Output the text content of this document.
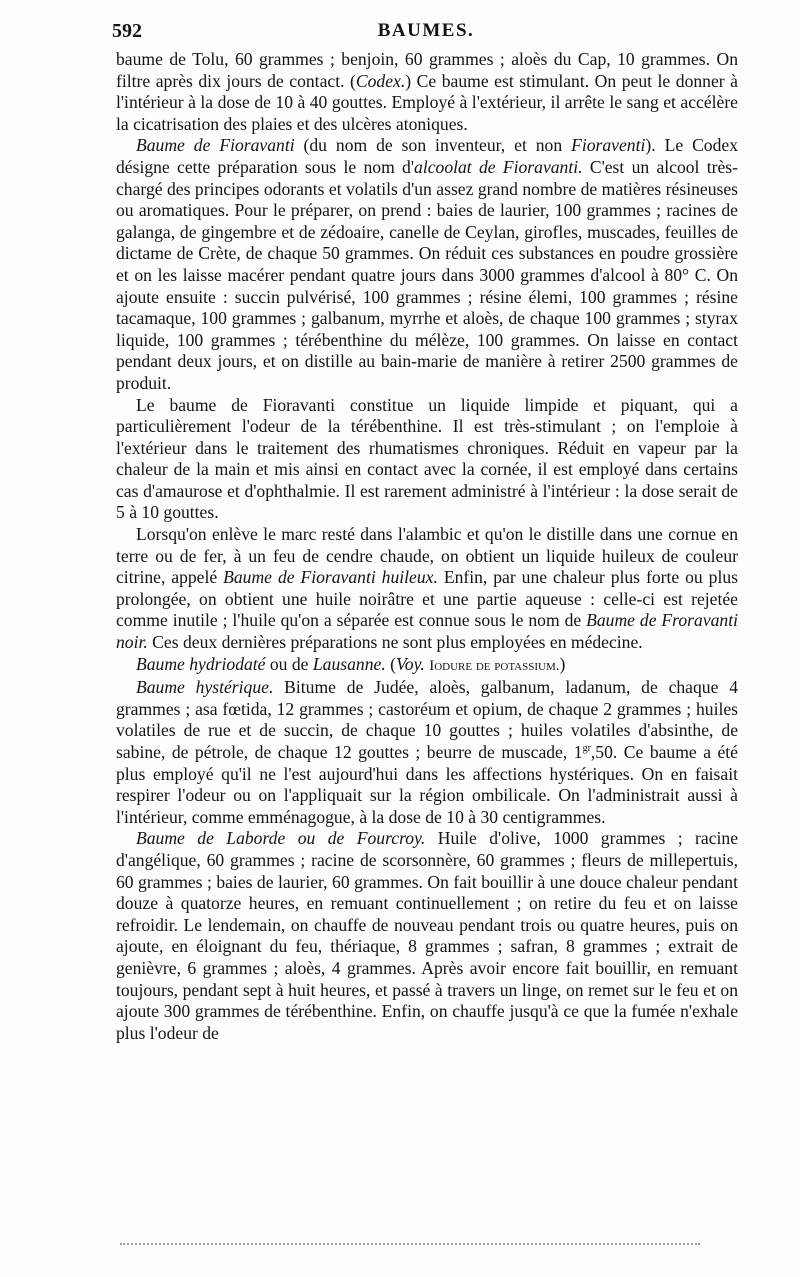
592	BAUMES.

baume de Tolu, 60 grammes ; benjoin, 60 grammes ; aloès du Cap, 10 grammes. On filtre après dix jours de contact. (Codex.) Ce baume est stimulant. On peut le donner à l'intérieur à la dose de 10 à 40 gouttes. Employé à l'extérieur, il arrête le sang et accélère la cicatrisation des plaies et des ulcères atoniques.

Baume de Fioravanti (du nom de son inventeur, et non Fioraventi). Le Codex désigne cette préparation sous le nom d'alcoolat de Fioravanti. C'est un alcool très-chargé des principes odorants et volatils d'un assez grand nombre de matières résineuses ou aromatiques. Pour le préparer, on prend : baies de laurier, 100 grammes ; racines de galanga, de gingembre et de zédoaire, canelle de Ceylan, girofles, muscades, feuilles de dictame de Crète, de chaque 50 grammes. On réduit ces substances en poudre grossière et on les laisse macérer pendant quatre jours dans 3000 grammes d'alcool à 80° C. On ajoute ensuite : succin pulvérisé, 100 grammes ; résine élemi, 100 grammes ; résine tacamaque, 100 grammes ; galbanum, myrrhe et aloès, de chaque 100 grammes ; styrax liquide, 100 grammes ; térébenthine du mélèze, 100 grammes. On laisse en contact pendant deux jours, et on distille au bain-marie de manière à retirer 2500 grammes de produit.

Le baume de Fioravanti constitue un liquide limpide et piquant, qui a particulièrement l'odeur de la térébenthine. Il est très-stimulant ; on l'emploie à l'extérieur dans le traitement des rhumatismes chroniques. Réduit en vapeur par la chaleur de la main et mis ainsi en contact avec la cornée, il est employé dans certains cas d'amaurose et d'ophthalmie. Il est rarement administré à l'intérieur : la dose serait de 5 à 10 gouttes.

Lorsqu'on enlève le marc resté dans l'alambic et qu'on le distille dans une cornue en terre ou de fer, à un feu de cendre chaude, on obtient un liquide huileux de couleur citrine, appelé Baume de Fioravanti huileux. Enfin, par une chaleur plus forte ou plus prolongée, on obtient une huile noirâtre et une partie aqueuse : celle-ci est rejetée comme inutile ; l'huile qu'on a séparée est connue sous le nom de Baume de Froravanti noir. Ces deux dernières préparations ne sont plus employées en médecine.

Baume hydriodaté ou de Lausanne. (Voy. Iodure de potassium.)

Baume hystérique. Bitume de Judée, aloès, galbanum, ladanum, de chaque 4 grammes ; asa fœtida, 12 grammes ; castoréum et opium, de chaque 2 grammes ; huiles volatiles de rue et de succin, de chaque 10 gouttes ; huiles volatiles d'absinthe, de sabine, de pétrole, de chaque 12 gouttes ; beurre de muscade, $1^{gr},50$. Ce baume a été plus employé qu'il ne l'est aujourd'hui dans les affections hystériques. On en faisait respirer l'odeur ou on l'appliquait sur la région ombilicale. On l'administrait aussi à l'intérieur, comme emménagogue, à la dose de 10 à 30 centigrammes.

Baume de Laborde ou de Fourcroy. Huile d'olive, 1000 grammes ; racine d'angélique, 60 grammes ; racine de scorsonnère, 60 grammes ; fleurs de millepertuis, 60 grammes ; baies de laurier, 60 grammes. On fait bouillir à une douce chaleur pendant douze à quatorze heures, en remuant continuellement ; on retire du feu et on laisse refroidir. Le lendemain, on chauffe de nouveau pendant trois ou quatre heures, puis on ajoute, en éloignant du feu, thériaque, 8 grammes ; safran, 8 grammes ; extrait de genièvre, 6 grammes ; aloès, 4 grammes. Après avoir encore fait bouillir, en remuant toujours, pendant sept à huit heures, et passé à travers un linge, on remet sur le feu et on ajoute 300 grammes de térébenthine. Enfin, on chauffe jusqu'à ce que la fumée n'exhale plus l'odeur de
